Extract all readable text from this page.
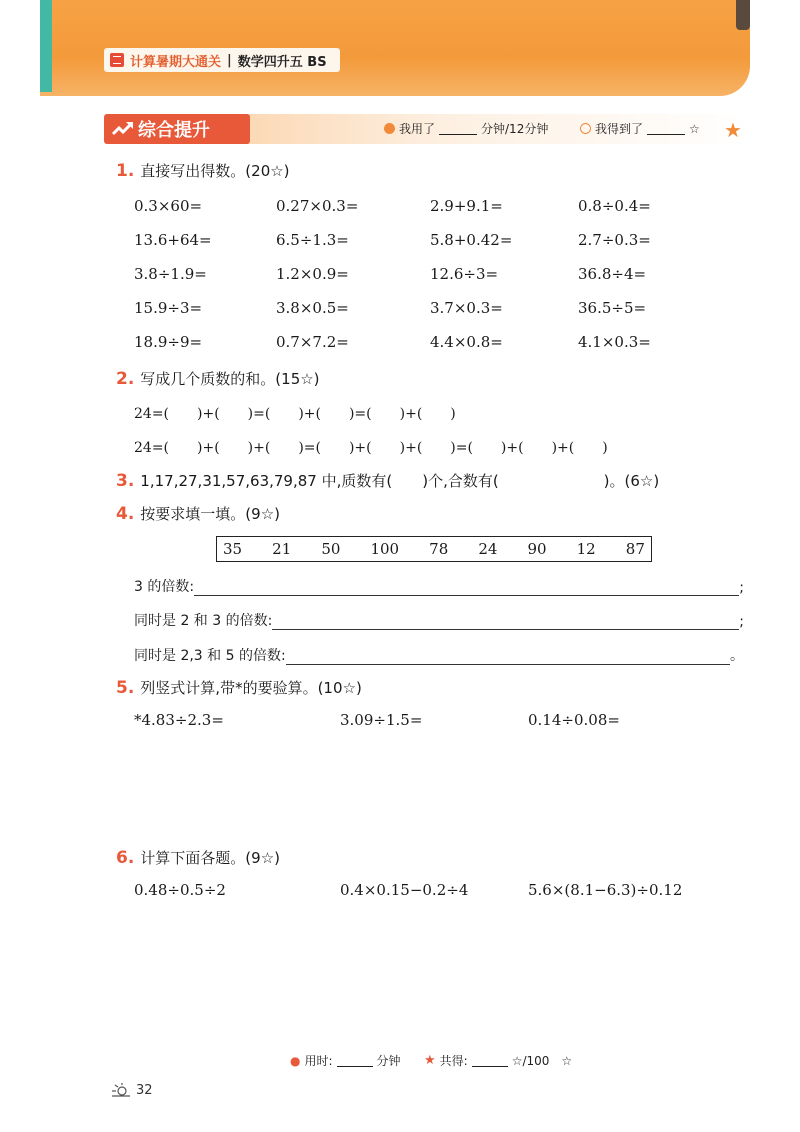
计算暑期大通关 | 数学四升五 BS
综合提升	我用了	分钟/12分钟	我得到了	☆ ★
1. 直接写出得数。(20☆)
0.3×60=	0.27×0.3=	2.9+9.1=	0.8÷0.4=
13.6+64=	6.5÷1.3=	5.8+0.42=	2.7÷0.3=
3.8÷1.9=	1.2×0.9=	12.6÷3=	36.8÷4=
15.9÷3=	3.8×0.5=	3.7×0.3=	36.5÷5=
18.9÷9=	0.7×7.2=	4.4×0.8=	4.1×0.3=
2. 写成几个质数的和。(15☆)
24=(　　)+(　　)=(　　)+(　　)=(　　)+(　　)
24=(　　)+(　　)+(　　)=(　　)+(　　)+(　　)=(　　)+(　　)+(　　)
3. 1,17,27,31,57,63,79,87 中,质数有(　　)个,合数有(　　　　　　　)。(6☆)
4. 按要求填一填。(9☆)
35 21 50 100 78 24 90 12 87
3 的倍数:	;
同时是 2 和 3 的倍数:	;
同时是 2,3 和 5 的倍数:	。
5. 列竖式计算,带*的要验算。(10☆)
*4.83÷2.3=	3.09÷1.5=	0.14÷0.08=
6. 计算下面各题。(9☆)
0.48÷0.5÷2	0.4×0.15−0.2÷4	5.6×(8.1−6.3)÷0.12
● 用时:	分钟 ★ 共得:	☆/100 ☆
32
